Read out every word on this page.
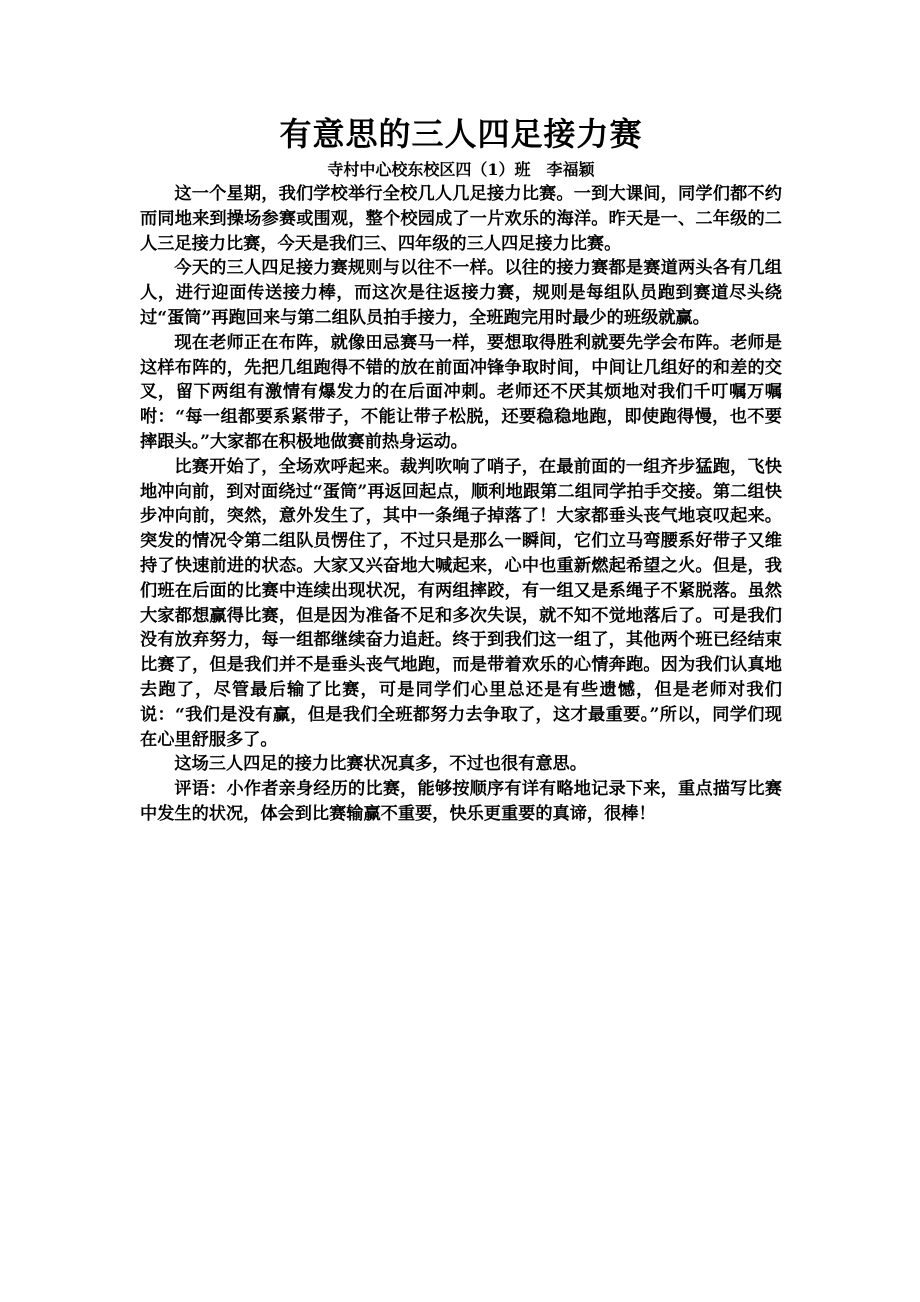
有意思的三人四足接力赛

寺村中心校东校区四（1）班　李福颖

这一个星期，我们学校举行全校几人几足接力比赛。一到大课间，同学们都不约而同地来到操场参赛或围观，整个校园成了一片欢乐的海洋。昨天是一、二年级的二人三足接力比赛，今天是我们三、四年级的三人四足接力比赛。

今天的三人四足接力赛规则与以往不一样。以往的接力赛都是赛道两头各有几组人，进行迎面传送接力棒，而这次是往返接力赛，规则是每组队员跑到赛道尽头绕过“蛋筒”再跑回来与第二组队员拍手接力，全班跑完用时最少的班级就赢。

现在老师正在布阵，就像田忌赛马一样，要想取得胜利就要先学会布阵。老师是这样布阵的，先把几组跑得不错的放在前面冲锋争取时间，中间让几组好的和差的交叉，留下两组有激情有爆发力的在后面冲刺。老师还不厌其烦地对我们千叮嘱万嘱咐：“每一组都要系紧带子，不能让带子松脱，还要稳稳地跑，即使跑得慢，也不要摔跟头。”大家都在积极地做赛前热身运动。

比赛开始了，全场欢呼起来。裁判吹响了哨子，在最前面的一组齐步猛跑，飞快地冲向前，到对面绕过“蛋筒”再返回起点，顺利地跟第二组同学拍手交接。第二组快步冲向前，突然，意外发生了，其中一条绳子掉落了！大家都垂头丧气地哀叹起来。突发的情况令第二组队员愣住了，不过只是那么一瞬间，它们立马弯腰系好带子又维持了快速前进的状态。大家又兴奋地大喊起来，心中也重新燃起希望之火。但是，我们班在后面的比赛中连续出现状况，有两组摔跤，有一组又是系绳子不紧脱落。虽然大家都想赢得比赛，但是因为准备不足和多次失误，就不知不觉地落后了。可是我们没有放弃努力，每一组都继续奋力追赶。终于到我们这一组了，其他两个班已经结束比赛了，但是我们并不是垂头丧气地跑，而是带着欢乐的心情奔跑。因为我们认真地去跑了，尽管最后输了比赛，可是同学们心里总还是有些遗憾，但是老师对我们说：“我们是没有赢，但是我们全班都努力去争取了，这才最重要。”所以，同学们现在心里舒服多了。

这场三人四足的接力比赛状况真多，不过也很有意思。

评语：小作者亲身经历的比赛，能够按顺序有详有略地记录下来，重点描写比赛中发生的状况，体会到比赛输赢不重要，快乐更重要的真谛，很棒！
